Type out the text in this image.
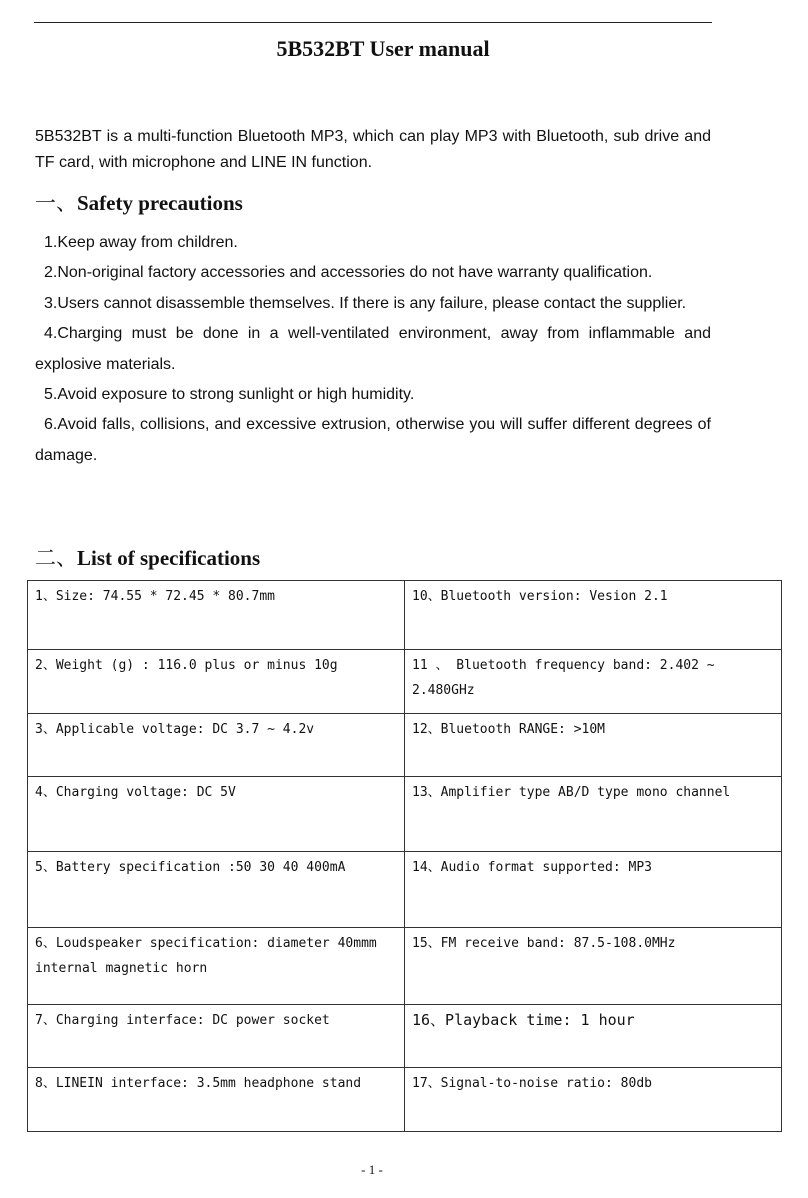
5B532BT User manual
5B532BT is a multi-function Bluetooth MP3, which can play MP3 with Bluetooth, sub drive and TF card, with microphone and LINE IN function.
一、Safety precautions

1.Keep away from children.

2.Non-original factory accessories and accessories do not have warranty qualification.

3.Users cannot disassemble themselves. If there is any failure, please contact the supplier.

4.Charging must be done in a well-ventilated environment, away from inflammable and explosive materials.

5.Avoid exposure to strong sunlight or high humidity.

6.Avoid falls, collisions, and excessive extrusion, otherwise you will suffer different degrees of damage.

二、List of specifications
1、Size: 74.55 * 72.45 * 80.7mm	10、Bluetooth version: Vesion 2.1
2、Weight (g) : 116.0 plus or minus 10g	11 、 Bluetooth frequency band: 2.402 ~ 2.480GHz
3、Applicable voltage: DC 3.7 ~ 4.2v	12、Bluetooth RANGE: >10M
4、Charging voltage: DC 5V	13、Amplifier type AB/D type mono channel
5、Battery specification :50 30 40 400mA	14、Audio format supported: MP3
6、Loudspeaker specification: diameter 40mmm internal magnetic horn	15、FM receive band: 87.5-108.0MHz
7、Charging interface: DC power socket	16、Playback time: 1 hour
8、LINEIN interface: 3.5mm headphone stand	17、Signal-to-noise ratio: 80db
- 1 -
